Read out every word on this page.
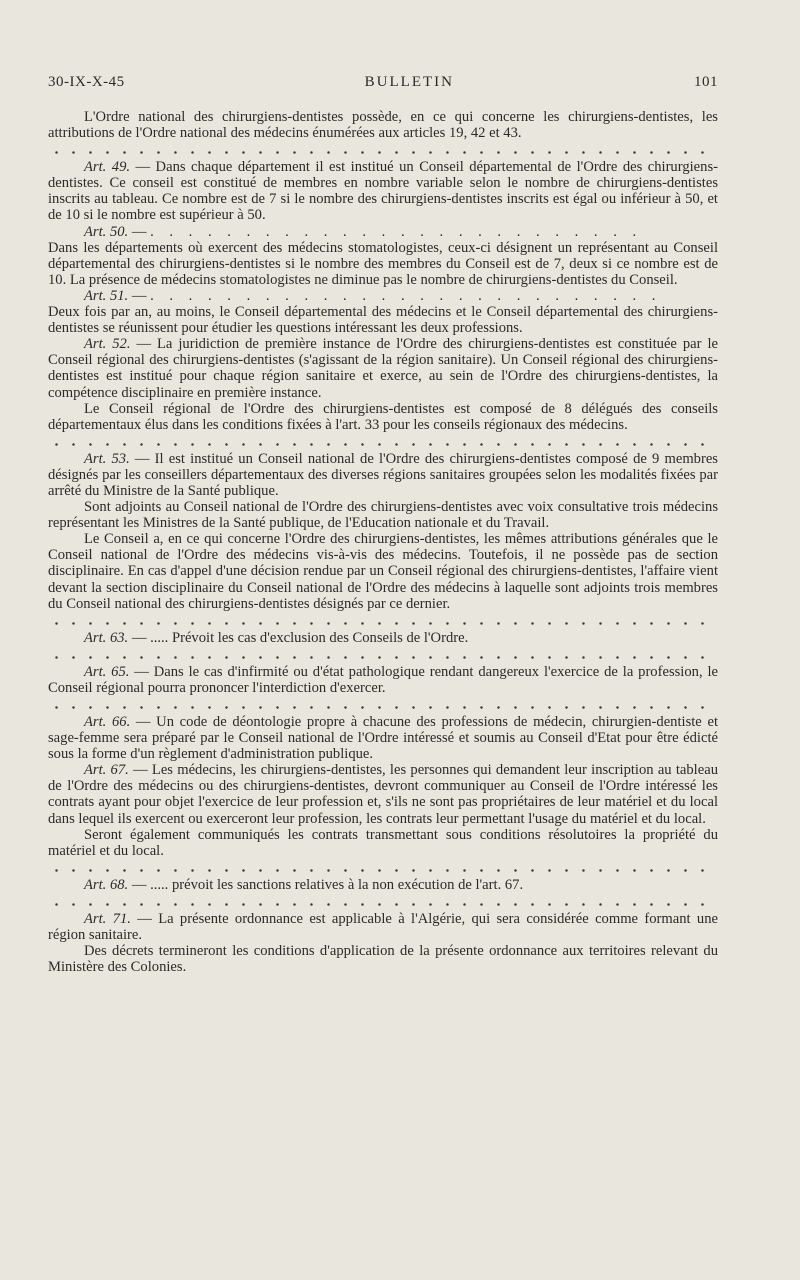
30-IX-X-45	BULLETIN	101

L'Ordre national des chirurgiens-dentistes possède, en ce qui concerne les chirurgiens-dentistes, les attributions de l'Ordre national des médecins énumérées aux articles 19, 42 et 43.

Art. 49. — Dans chaque département il est institué un Conseil départemental de l'Ordre des chirurgiens-dentistes. Ce conseil est constitué de membres en nombre variable selon le nombre de chirurgiens-dentistes inscrits au tableau. Ce nombre est de 7 si le nombre des chirurgiens-dentistes inscrits est égal ou inférieur à 50, et de 10 si le nombre est supérieur à 50.

Art. 50. — . . . . . . . . . . . . . . . . . . . . . . . . . .

Dans les départements où exercent des médecins stomatologistes, ceux-ci désignent un représentant au Conseil départemental des chirurgiens-dentistes si le nombre des membres du Conseil est de 7, deux si ce nombre est de 10. La présence de médecins stomatologistes ne diminue pas le nombre de chirurgiens-dentistes du Conseil.

Art. 51. — . . . . . . . . . . . . . . . . . . . . . . . . . . .

Deux fois par an, au moins, le Conseil départemental des médecins et le Conseil départemental des chirurgiens-dentistes se réunissent pour étudier les questions intéressant les deux professions.

Art. 52. — La juridiction de première instance de l'Ordre des chirurgiens-dentistes est constituée par le Conseil régional des chirurgiens-dentistes (s'agissant de la région sanitaire). Un Conseil régional des chirurgiens-dentistes est institué pour chaque région sanitaire et exerce, au sein de l'Ordre des chirurgiens-dentistes, la compétence disciplinaire en première instance.

Le Conseil régional de l'Ordre des chirurgiens-dentistes est composé de 8 délégués des conseils départementaux élus dans les conditions fixées à l'art. 33 pour les conseils régionaux des médecins.

Art. 53. — Il est institué un Conseil national de l'Ordre des chirurgiens-dentistes composé de 9 membres désignés par les conseillers départementaux des diverses régions sanitaires groupées selon les modalités fixées par arrêté du Ministre de la Santé publique.

Sont adjoints au Conseil national de l'Ordre des chirurgiens-dentistes avec voix consultative trois médecins représentant les Ministres de la Santé publique, de l'Education nationale et du Travail.

Le Conseil a, en ce qui concerne l'Ordre des chirurgiens-dentistes, les mêmes attributions générales que le Conseil national de l'Ordre des médecins vis-à-vis des médecins. Toutefois, il ne possède pas de section disciplinaire. En cas d'appel d'une décision rendue par un Conseil régional des chirurgiens-dentistes, l'affaire vient devant la section disciplinaire du Conseil national de l'Ordre des médecins à laquelle sont adjoints trois membres du Conseil national des chirurgiens-dentistes désignés par ce dernier.

Art. 63. — ..... Prévoit les cas d'exclusion des Conseils de l'Ordre.

Art. 65. — Dans le cas d'infirmité ou d'état pathologique rendant dangereux l'exercice de la profession, le Conseil régional pourra prononcer l'interdiction d'exercer.

Art. 66. — Un code de déontologie propre à chacune des professions de médecin, chirurgien-dentiste et sage-femme sera préparé par le Conseil national de l'Ordre intéressé et soumis au Conseil d'Etat pour être édicté sous la forme d'un règlement d'administration publique.

Art. 67. — Les médecins, les chirurgiens-dentistes, les personnes qui demandent leur inscription au tableau de l'Ordre des médecins ou des chirurgiens-dentistes, devront communiquer au Conseil de l'Ordre intéressé les contrats ayant pour objet l'exercice de leur profession et, s'ils ne sont pas propriétaires de leur matériel et du local dans lequel ils exercent ou exerceront leur profession, les contrats leur permettant l'usage du matériel et du local.

Seront également communiqués les contrats transmettant sous conditions résolutoires la propriété du matériel et du local.

Art. 68. — ..... prévoit les sanctions relatives à la non exécution de l'art. 67.

Art. 71. — La présente ordonnance est applicable à l'Algérie, qui sera considérée comme formant une région sanitaire.

Des décrets termineront les conditions d'application de la présente ordonnance aux territoires relevant du Ministère des Colonies.
